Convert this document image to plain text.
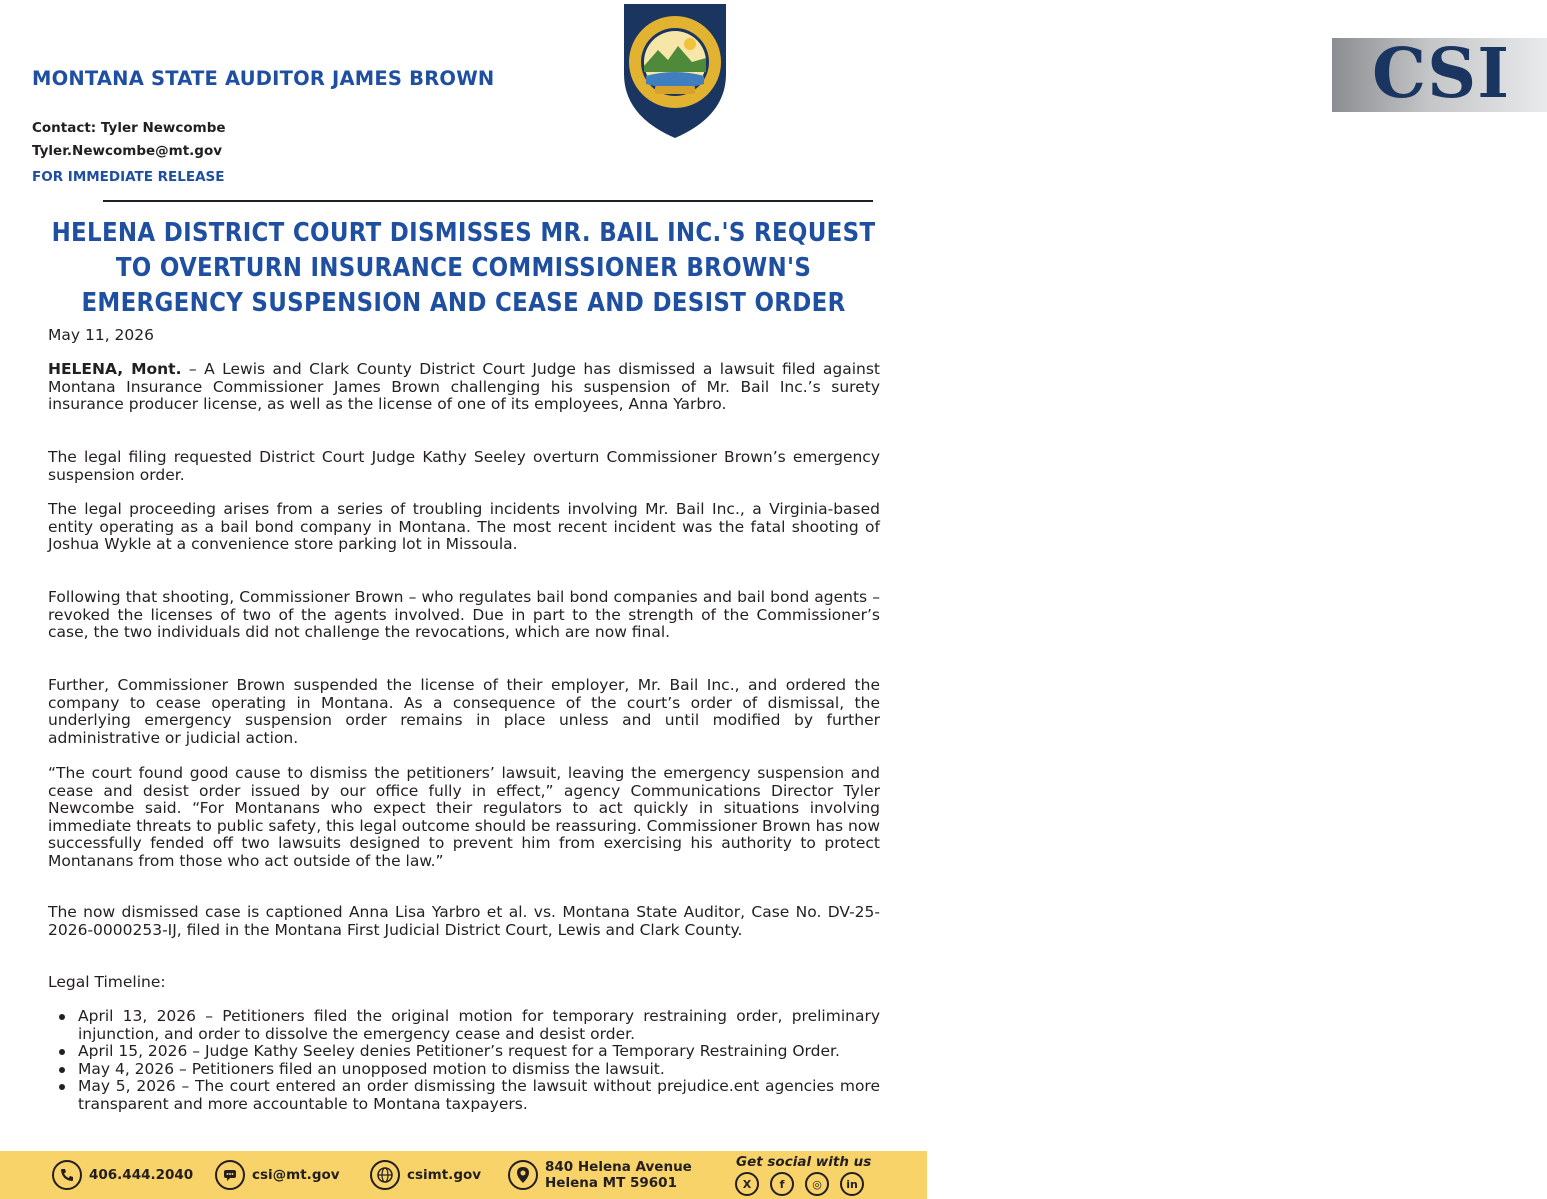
MONTANA STATE AUDITOR JAMES BROWN
Contact: Tyler Newcombe
Tyler.Newcombe@mt.gov
FOR IMMEDIATE RELEASE
CSI
HELENA DISTRICT COURT DISMISSES MR. BAIL INC.'S REQUEST
TO OVERTURN INSURANCE COMMISSIONER BROWN'S
EMERGENCY SUSPENSION AND CEASE AND DESIST ORDER
May 11, 2026
HELENA, Mont. – A Lewis and Clark County District Court Judge has dismissed a lawsuit filed against Montana Insurance Commissioner James Brown challenging his suspension of Mr. Bail Inc.’s surety insurance producer license, as well as the license of one of its employees, Anna Yarbro.
The legal filing requested District Court Judge Kathy Seeley overturn Commissioner Brown’s emergency suspension order.
The legal proceeding arises from a series of troubling incidents involving Mr. Bail Inc., a Virginia-based entity operating as a bail bond company in Montana. The most recent incident was the fatal shooting of Joshua Wykle at a convenience store parking lot in Missoula.
Following that shooting, Commissioner Brown – who regulates bail bond companies and bail bond agents – revoked the licenses of two of the agents involved. Due in part to the strength of the Commissioner’s case, the two individuals did not challenge the revocations, which are now final.
Further, Commissioner Brown suspended the license of their employer, Mr. Bail Inc., and ordered the company to cease operating in Montana. As a consequence of the court’s order of dismissal, the underlying emergency suspension order remains in place unless and until modified by further administrative or judicial action.
“The court found good cause to dismiss the petitioners’ lawsuit, leaving the emergency suspension and cease and desist order issued by our office fully in effect,” agency Communications Director Tyler Newcombe said. “For Montanans who expect their regulators to act quickly in situations involving immediate threats to public safety, this legal outcome should be reassuring. Commissioner Brown has now successfully fended off two lawsuits designed to prevent him from exercising his authority to protect Montanans from those who act outside of the law.”
The now dismissed case is captioned Anna Lisa Yarbro et al. vs. Montana State Auditor, Case No. DV-25-2026-0000253-IJ, filed in the Montana First Judicial District Court, Lewis and Clark County.
Legal Timeline:
April 13, 2026 – Petitioners filed the original motion for temporary restraining order, preliminary injunction, and order to dissolve the emergency cease and desist order.
April 15, 2026 – Judge Kathy Seeley denies Petitioner’s request for a Temporary Restraining Order.
May 4, 2026 – Petitioners filed an unopposed motion to dismiss the lawsuit.
May 5, 2026 – The court entered an order dismissing the lawsuit without prejudice.ent agencies more transparent and more accountable to Montana taxpayers.
406.444.2040	csi@mt.gov	csimt.gov	840 Helena Avenue
Helena MT 59601
Get social with us
X	f	◎	in
